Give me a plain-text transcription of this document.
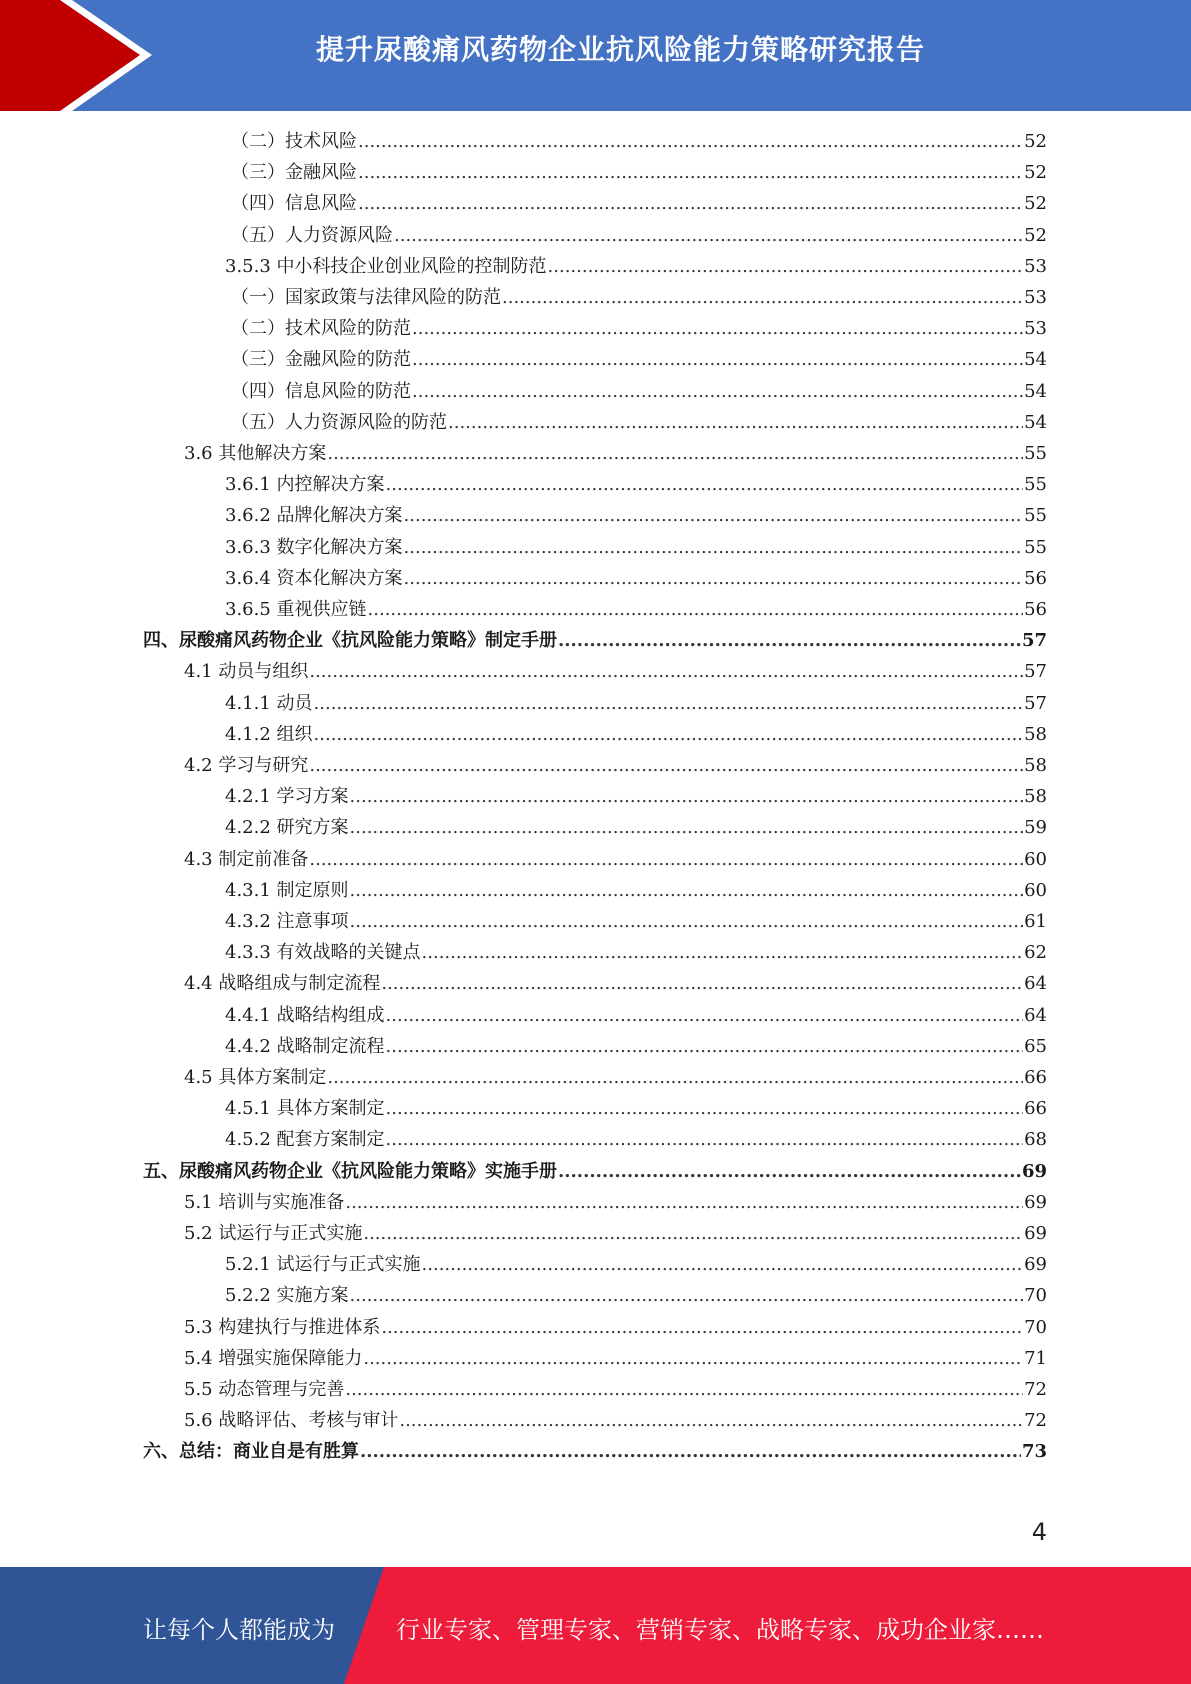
提升尿酸痛风药物企业抗风险能力策略研究报告
（二）技术风险 .....	52
（三）金融风险 .....	52
（四）信息风险 .....	52
（五）人力资源风险 .....	52
3.5.3 中小科技企业创业风险的控制防范 .....	53
（一）国家政策与法律风险的防范 .....	53
（二）技术风险的防范 .....	53
（三）金融风险的防范 .....	54
（四）信息风险的防范 .....	54
（五）人力资源风险的防范 .....	54
3.6 其他解决方案 .....	55
3.6.1 内控解决方案 .....	55
3.6.2 品牌化解决方案 .....	55
3.6.3 数字化解决方案 .....	55
3.6.4 资本化解决方案 .....	56
3.6.5 重视供应链 .....	56
四、尿酸痛风药物企业《抗风险能力策略》制定手册 .....	57
4.1 动员与组织 .....	57
4.1.1 动员 .....	57
4.1.2 组织 .....	58
4.2 学习与研究 .....	58
4.2.1 学习方案 .....	58
4.2.2 研究方案 .....	59
4.3 制定前准备 .....	60
4.3.1 制定原则 .....	60
4.3.2 注意事项 .....	61
4.3.3 有效战略的关键点 .....	62
4.4 战略组成与制定流程 .....	64
4.4.1 战略结构组成 .....	64
4.4.2 战略制定流程 .....	65
4.5 具体方案制定 .....	66
4.5.1 具体方案制定 .....	66
4.5.2 配套方案制定 .....	68
五、尿酸痛风药物企业《抗风险能力策略》实施手册 .....	69
5.1 培训与实施准备 .....	69
5.2 试运行与正式实施 .....	69
5.2.1 试运行与正式实施 .....	69
5.2.2 实施方案 .....	70
5.3 构建执行与推进体系 .....	70
5.4 增强实施保障能力 .....	71
5.5 动态管理与完善 .....	72
5.6 战略评估、考核与审计 .....	72
六、总结：商业自是有胜算 .....	73
4
让每个人都能成为	行业专家、管理专家、营销专家、战略专家、成功企业家……
